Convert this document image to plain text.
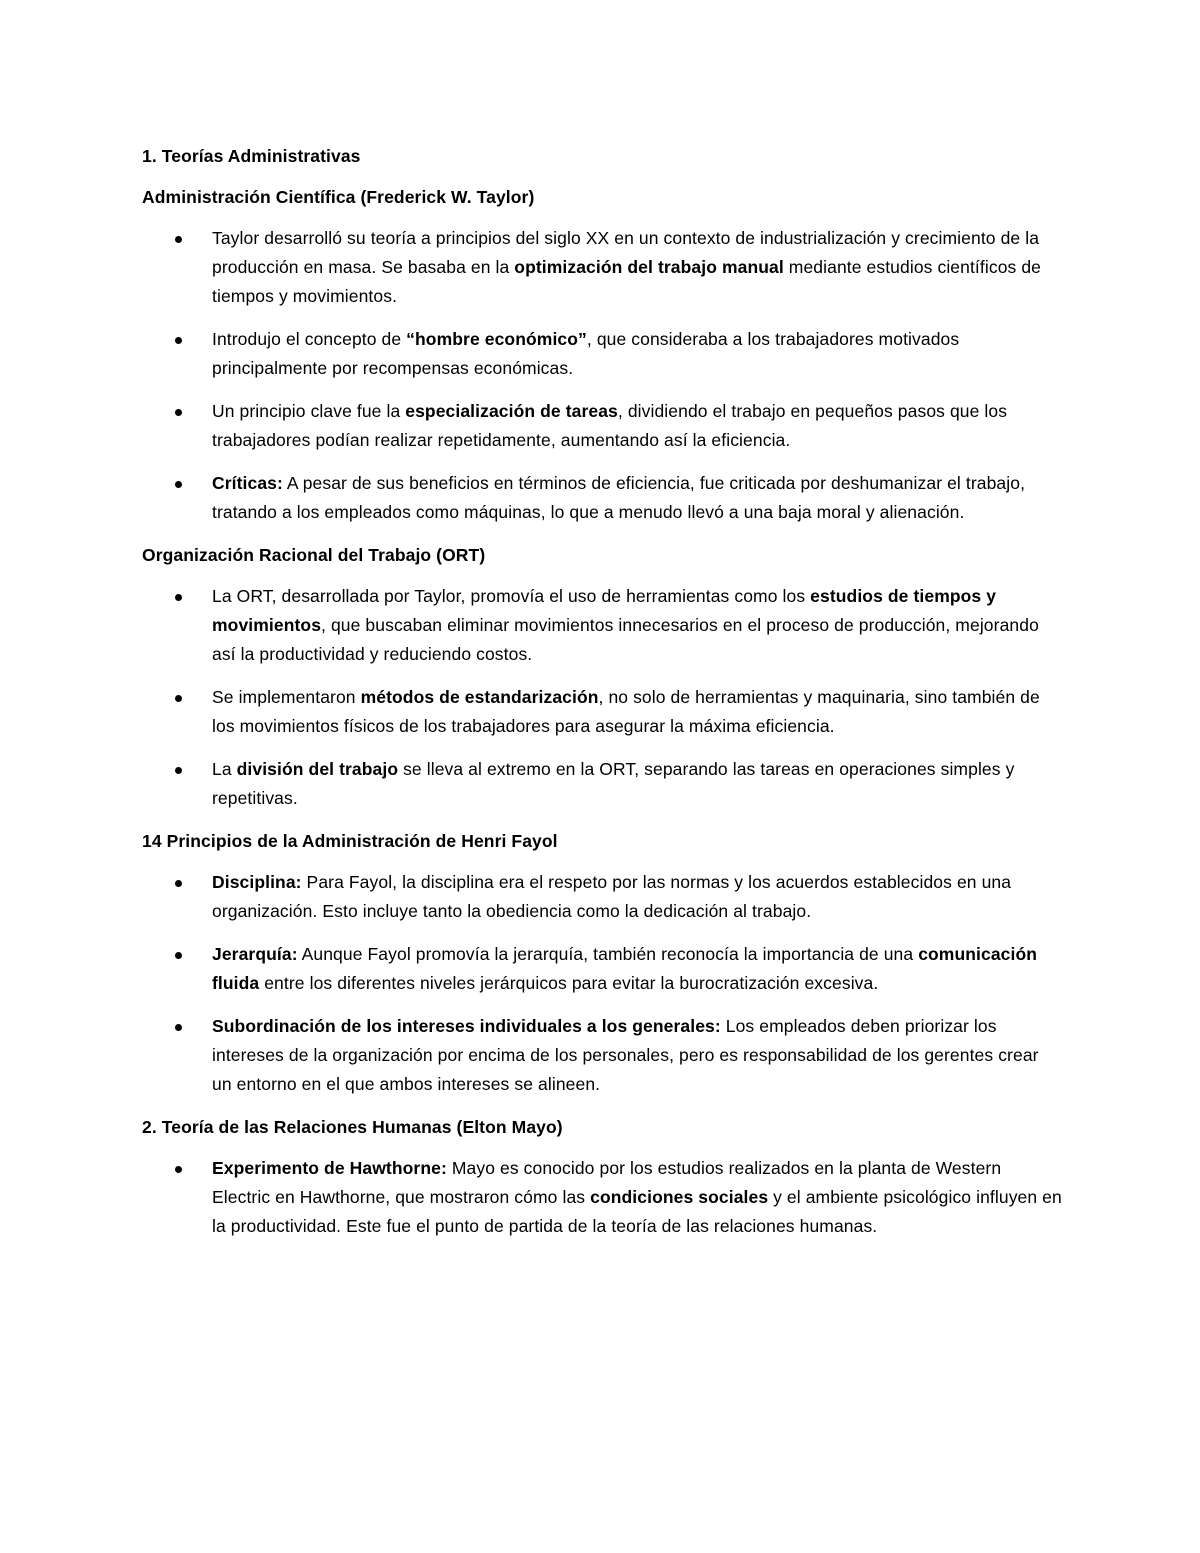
1. Teorías Administrativas
Administración Científica (Frederick W. Taylor)
Taylor desarrolló su teoría a principios del siglo XX en un contexto de industrialización y crecimiento de la producción en masa. Se basaba en la optimización del trabajo manual mediante estudios científicos de tiempos y movimientos.
Introdujo el concepto de “hombre económico”, que consideraba a los trabajadores motivados principalmente por recompensas económicas.
Un principio clave fue la especialización de tareas, dividiendo el trabajo en pequeños pasos que los trabajadores podían realizar repetidamente, aumentando así la eficiencia.
Críticas: A pesar de sus beneficios en términos de eficiencia, fue criticada por deshumanizar el trabajo, tratando a los empleados como máquinas, lo que a menudo llevó a una baja moral y alienación.
Organización Racional del Trabajo (ORT)
La ORT, desarrollada por Taylor, promovía el uso de herramientas como los estudios de tiempos y movimientos, que buscaban eliminar movimientos innecesarios en el proceso de producción, mejorando así la productividad y reduciendo costos.
Se implementaron métodos de estandarización, no solo de herramientas y maquinaria, sino también de los movimientos físicos de los trabajadores para asegurar la máxima eficiencia.
La división del trabajo se lleva al extremo en la ORT, separando las tareas en operaciones simples y repetitivas.
14 Principios de la Administración de Henri Fayol
Disciplina: Para Fayol, la disciplina era el respeto por las normas y los acuerdos establecidos en una organización. Esto incluye tanto la obediencia como la dedicación al trabajo.
Jerarquía: Aunque Fayol promovía la jerarquía, también reconocía la importancia de una comunicación fluida entre los diferentes niveles jerárquicos para evitar la burocratización excesiva.
Subordinación de los intereses individuales a los generales: Los empleados deben priorizar los intereses de la organización por encima de los personales, pero es responsabilidad de los gerentes crear un entorno en el que ambos intereses se alineen.
2. Teoría de las Relaciones Humanas (Elton Mayo)
Experimento de Hawthorne: Mayo es conocido por los estudios realizados en la planta de Western Electric en Hawthorne, que mostraron cómo las condiciones sociales y el ambiente psicológico influyen en la productividad. Este fue el punto de partida de la teoría de las relaciones humanas.
